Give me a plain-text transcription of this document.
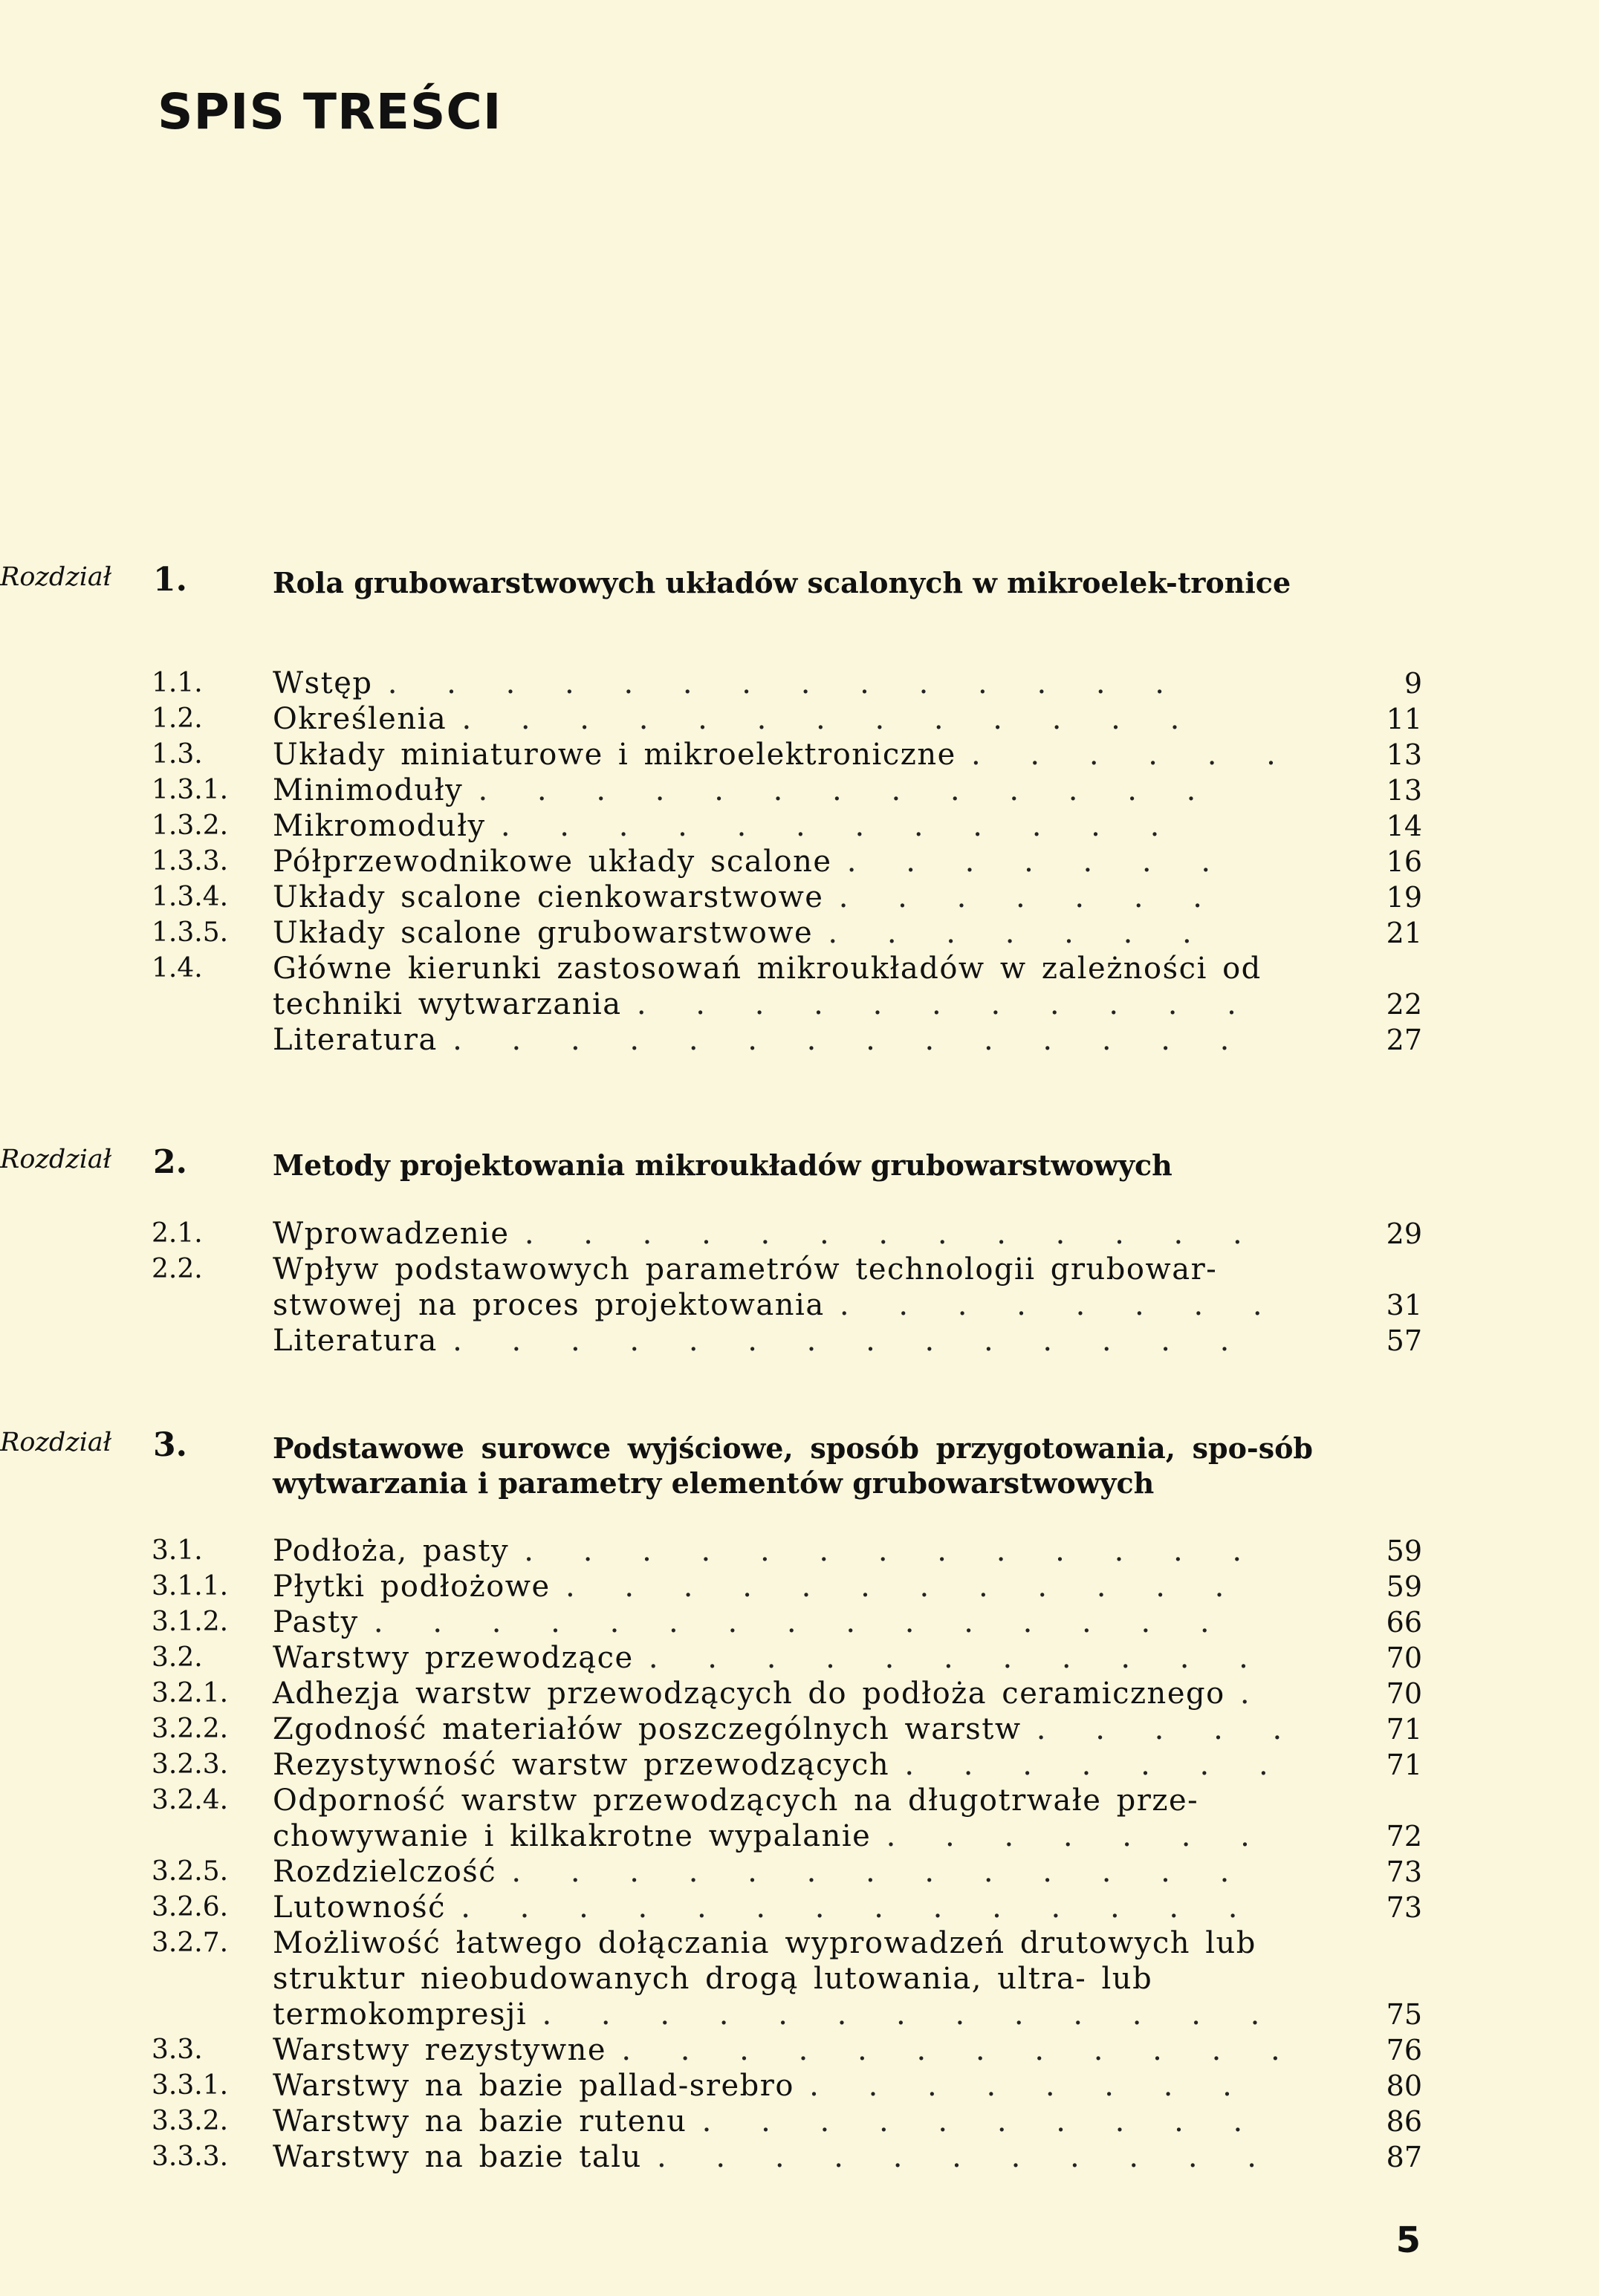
SPIS TREŚCI
Rozdział 1.	Rola grubowarstwowych układów scalonych w mikroelek-tronice
1.1. Wstęp . . . . . . . . . . . . . .	9
1.2. Określenia . . . . . . . . . . . . .	11
1.3. Układy miniaturowe i mikroelektroniczne . . . . . .	13
1.3.1. Minimoduły . . . . . . . . . . . . .	13
1.3.2. Mikromoduły . . . . . . . . . . . .	14
1.3.3. Półprzewodnikowe układy scalone . . . . . . .	16
1.3.4. Układy scalone cienkowarstwowe . . . . . . .	19
1.3.5. Układy scalone grubowarstwowe . . . . . . .	21
1.4. Główne kierunki zastosowań mikroukładów w zależności od techniki wytwarzania . . . . . . . . . . .	22
Literatura . . . . . . . . . . . . . .	27
Rozdział 2.	Metody projektowania mikroukładów grubowarstwowych
2.1. Wprowadzenie . . . . . . . . . . . . .	29
2.2. Wpływ podstawowych parametrów technologii grubowar-stwowej na proces projektowania . . . . . . . .	31
Literatura . . . . . . . . . . . . . .	57
Rozdział 3.	Podstawowe surowce wyjściowe, sposób przygotowania, spo-sób wytwarzania i parametry elementów grubowarstwowych
3.1. Podłoża, pasty . . . . . . . . . . . . .	59
3.1.1. Płytki podłożowe . . . . . . . . . . . .	59
3.1.2. Pasty . . . . . . . . . . . . . . .	66
3.2. Warstwy przewodzące . . . . . . . . . . .	70
3.2.1. Adhezja warstw przewodzących do podłoża ceramicznego .	70
3.2.2. Zgodność materiałów poszczególnych warstw . . . . .	71
3.2.3. Rezystywność warstw przewodzących . . . . . . .	71
3.2.4. Odporność warstw przewodzących na długotrwałe prze-chowywanie i kilkakrotne wypalanie . . . . . . .	72
3.2.5. Rozdzielczość . . . . . . . . . . . . .	73
3.2.6. Lutowność . . . . . . . . . . . . . .	73
3.2.7. Możliwość łatwego dołączania wyprowadzeń drutowych lub struktur nieobudowanych drogą lutowania, ultra- lub termokompresji . . . . . . . . . . . . .	75
3.3. Warstwy rezystywne . . . . . . . . . . . .	76
3.3.1. Warstwy na bazie pallad-srebro . . . . . . . .	80
3.3.2. Warstwy na bazie rutenu . . . . . . . . . .	86
3.3.3. Warstwy na bazie talu . . . . . . . . . . .	87
5
